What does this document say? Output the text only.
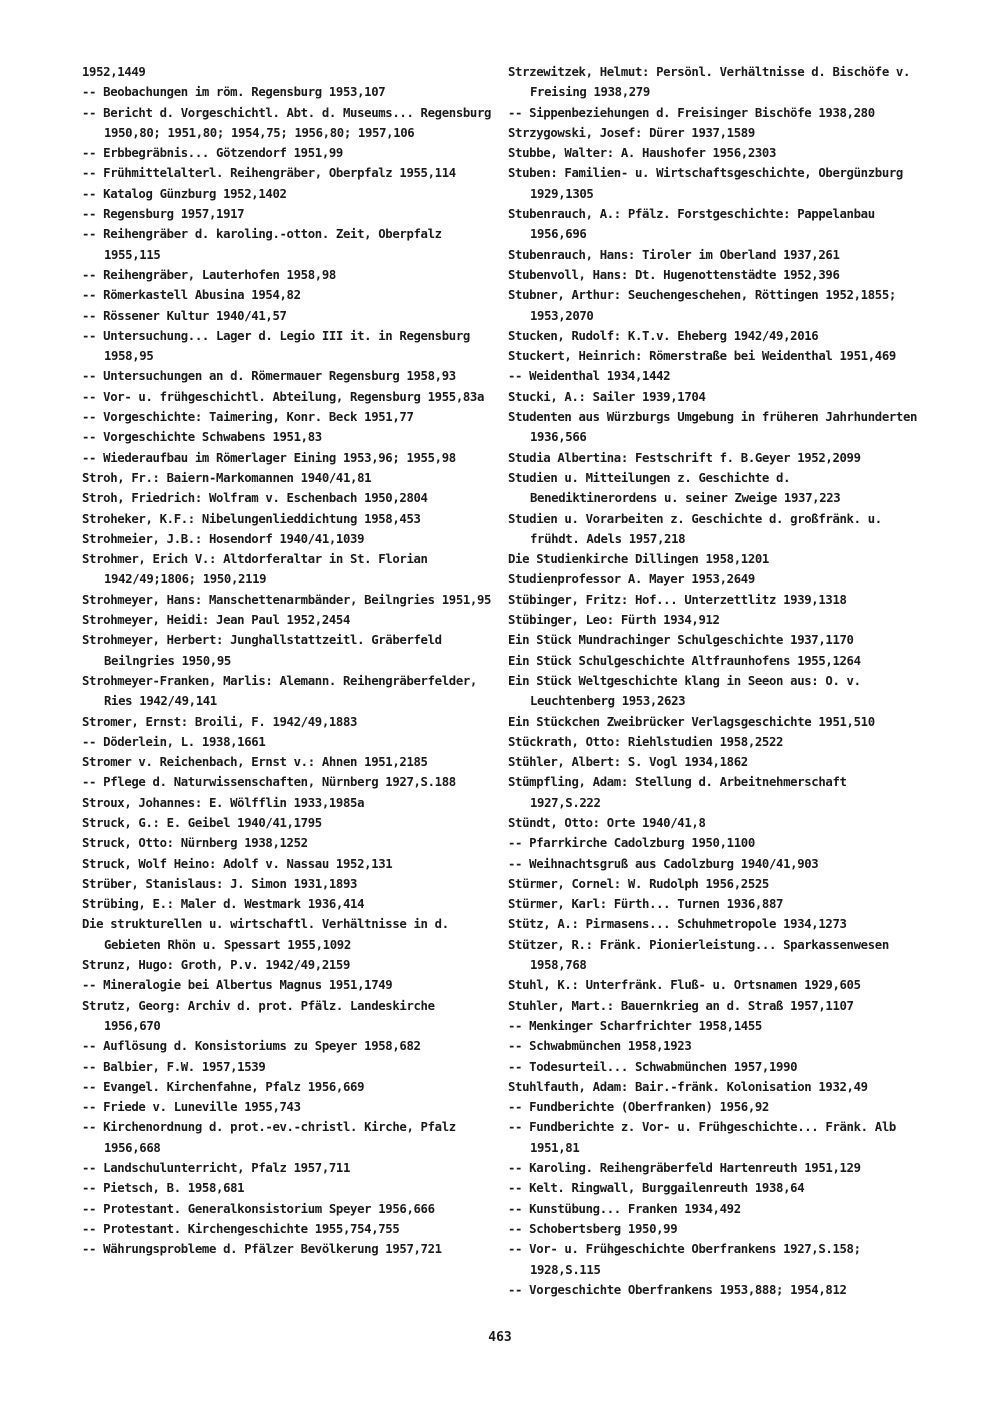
1952,1449
-- Beobachungen im röm. Regensburg 1953,107
-- Bericht d. Vorgeschichtl. Abt. d. Museums... Regensburg 1950,80; 1951,80; 1954,75; 1956,80; 1957,106
-- Erbbegräbnis... Götzendorf 1951,99
-- Frühmittelalterl. Reihengräber, Oberpfalz 1955,114
-- Katalog Günzburg 1952,1402
-- Regensburg 1957,1917
-- Reihengräber d. karoling.-otton. Zeit, Oberpfalz 1955,115
-- Reihengräber, Lauterhofen 1958,98
-- Römerkastell Abusina 1954,82
-- Rössener Kultur 1940/41,57
-- Untersuchung... Lager d. Legio III it. in Regensburg 1958,95
-- Untersuchungen an d. Römermauer Regensburg 1958,93
-- Vor- u. frühgeschichtl. Abteilung, Regensburg 1955,83a
-- Vorgeschichte: Taimering, Konr. Beck 1951,77
-- Vorgeschichte Schwabens 1951,83
-- Wiederaufbau im Römerlager Eining 1953,96; 1955,98
Stroh, Fr.: Baiern-Markomannen 1940/41,81
Stroh, Friedrich: Wolfram v. Eschenbach 1950,2804
Stroheker, K.F.: Nibelungenlieddichtung 1958,453
Strohmeier, J.B.: Hosendorf 1940/41,1039
Strohmer, Erich V.: Altdorferaltar in St. Florian 1942/49;1806; 1950,2119
Strohmeyer, Hans: Manschettenarmbänder, Beilngries 1951,95
Strohmeyer, Heidi: Jean Paul 1952,2454
Strohmeyer, Herbert: Junghallstattzeitl. Gräberfeld Beilngries 1950,95
Strohmeyer-Franken, Marlis: Alemann. Reihengräberfelder, Ries 1942/49,141
Stromer, Ernst: Broili, F. 1942/49,1883
-- Döderlein, L. 1938,1661
Stromer v. Reichenbach, Ernst v.: Ahnen 1951,2185
-- Pflege d. Naturwissenschaften, Nürnberg 1927,S.188
Stroux, Johannes: E. Wölfflin 1933,1985a
Struck, G.: E. Geibel 1940/41,1795
Struck, Otto: Nürnberg 1938,1252
Struck, Wolf Heino: Adolf v. Nassau 1952,131
Strüber, Stanislaus: J. Simon 1931,1893
Strübing, E.: Maler d. Westmark 1936,414
Die strukturellen u. wirtschaftl. Verhältnisse in d. Gebieten Rhön u. Spessart 1955,1092
Strunz, Hugo: Groth, P.v. 1942/49,2159
-- Mineralogie bei Albertus Magnus 1951,1749
Strutz, Georg: Archiv d. prot. Pfälz. Landeskirche 1956,670
-- Auflösung d. Konsistoriums zu Speyer 1958,682
-- Balbier, F.W. 1957,1539
-- Evangel. Kirchenfahne, Pfalz 1956,669
-- Friede v. Luneville 1955,743
-- Kirchenordnung d. prot.-ev.-christl. Kirche, Pfalz 1956,668
-- Landschulunterricht, Pfalz 1957,711
-- Pietsch, B. 1958,681
-- Protestant. Generalkonsistorium Speyer 1956,666
-- Protestant. Kirchengeschichte 1955,754,755
-- Währungsprobleme d. Pfälzer Bevölkerung 1957,721
Strzewitzek, Helmut: Persönl. Verhältnisse d. Bischöfe v. Freising 1938,279
-- Sippenbeziehungen d. Freisinger Bischöfe 1938,280
Strzygowski, Josef: Dürer 1937,1589
Stubbe, Walter: A. Haushofer 1956,2303
Stuben: Familien- u. Wirtschaftsgeschichte, Obergünzburg 1929,1305
Stubenrauch, A.: Pfälz. Forstgeschichte: Pappelanbau 1956,696
Stubenrauch, Hans: Tiroler im Oberland 1937,261
Stubenvoll, Hans: Dt. Hugenottenstädte 1952,396
Stubner, Arthur: Seuchengeschehen, Röttingen 1952,1855; 1953,2070
Stucken, Rudolf: K.T.v. Eheberg 1942/49,2016
Stuckert, Heinrich: Römerstraße bei Weidenthal 1951,469
-- Weidenthal 1934,1442
Stucki, A.: Sailer 1939,1704
Studenten aus Würzburgs Umgebung in früheren Jahrhunderten 1936,566
Studia Albertina: Festschrift f. B.Geyer 1952,2099
Studien u. Mitteilungen z. Geschichte d. Benediktinerordens u. seiner Zweige 1937,223
Studien u. Vorarbeiten z. Geschichte d. großfränk. u. frühdt. Adels 1957,218
Die Studienkirche Dillingen 1958,1201
Studienprofessor A. Mayer 1953,2649
Stübinger, Fritz: Hof... Unterzettlitz 1939,1318
Stübinger, Leo: Fürth 1934,912
Ein Stück Mundrachinger Schulgeschichte 1937,1170
Ein Stück Schulgeschichte Altfraunhofens 1955,1264
Ein Stück Weltgeschichte klang in Seeon aus: O. v. Leuchtenberg 1953,2623
Ein Stückchen Zweibrücker Verlagsgeschichte 1951,510
Stückrath, Otto: Riehlstudien 1958,2522
Stühler, Albert: S. Vogl 1934,1862
Stümpfling, Adam: Stellung d. Arbeitnehmerschaft 1927,S.222
Stündt, Otto: Orte 1940/41,8
-- Pfarrkirche Cadolzburg 1950,1100
-- Weihnachtsgruß aus Cadolzburg 1940/41,903
Stürmer, Cornel: W. Rudolph 1956,2525
Stürmer, Karl: Fürth... Turnen 1936,887
Stütz, A.: Pirmasens... Schuhmetropole 1934,1273
Stützer, R.: Fränk. Pionierleistung... Sparkassenwesen 1958,768
Stuhl, K.: Unterfränk. Fluß- u. Ortsnamen 1929,605
Stuhler, Mart.: Bauernkrieg an d. Straß 1957,1107
-- Menkinger Scharfrichter 1958,1455
-- Schwabmünchen 1958,1923
-- Todesurteil... Schwabmünchen 1957,1990
Stuhlfauth, Adam: Bair.-fränk. Kolonisation 1932,49
-- Fundberichte (Oberfranken) 1956,92
-- Fundberichte z. Vor- u. Frühgeschichte... Fränk. Alb 1951,81
-- Karoling. Reihengräberfeld Hartenreuth 1951,129
-- Kelt. Ringwall, Burggailenreuth 1938,64
-- Kunstübung... Franken 1934,492
-- Schobertsberg 1950,99
-- Vor- u. Frühgeschichte Oberfrankens 1927,S.158; 1928,S.115
-- Vorgeschichte Oberfrankens 1953,888; 1954,812
463
